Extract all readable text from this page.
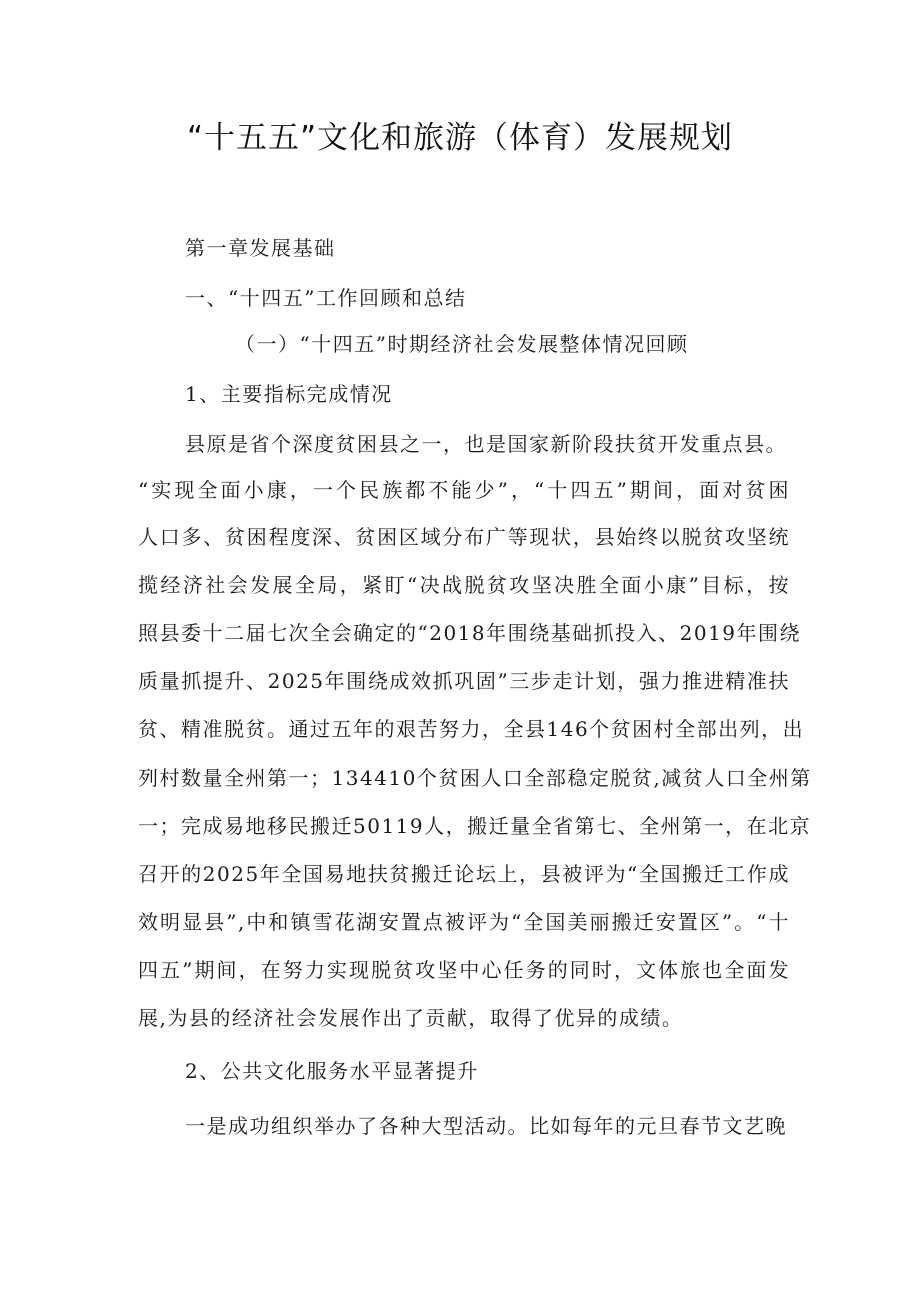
“十五五”文化和旅游（体育）发展规划
第一章发展基础
一、“十四五”工作回顾和总结
（一）“十四五”时期经济社会发展整体情况回顾
1、主要指标完成情况
县原是省个深度贫困县之一，也是国家新阶段扶贫开发重点县。
“实现全面小康，一个民族都不能少”，“十四五”期间，面对贫困
人口多、贫困程度深、贫困区域分布广等现状，县始终以脱贫攻坚统
揽经济社会发展全局，紧盯“决战脱贫攻坚决胜全面小康”目标，按
照县委十二届七次全会确定的“2018年围绕基础抓投入、2019年围绕
质量抓提升、2025年围绕成效抓巩固”三步走计划，强力推进精准扶
贫、精准脱贫。通过五年的艰苦努力，全县146个贫困村全部出列，出
列村数量全州第一；134410个贫困人口全部稳定脱贫,减贫人口全州第
一；完成易地移民搬迁50119人，搬迁量全省第七、全州第一，在北京
召开的2025年全国易地扶贫搬迁论坛上，县被评为“全国搬迁工作成
效明显县”,中和镇雪花湖安置点被评为“全国美丽搬迁安置区”。“十
四五”期间，在努力实现脱贫攻坚中心任务的同时，文体旅也全面发
展,为县的经济社会发展作出了贡献，取得了优异的成绩。
2、公共文化服务水平显著提升
一是成功组织举办了各种大型活动。比如每年的元旦春节文艺晚
